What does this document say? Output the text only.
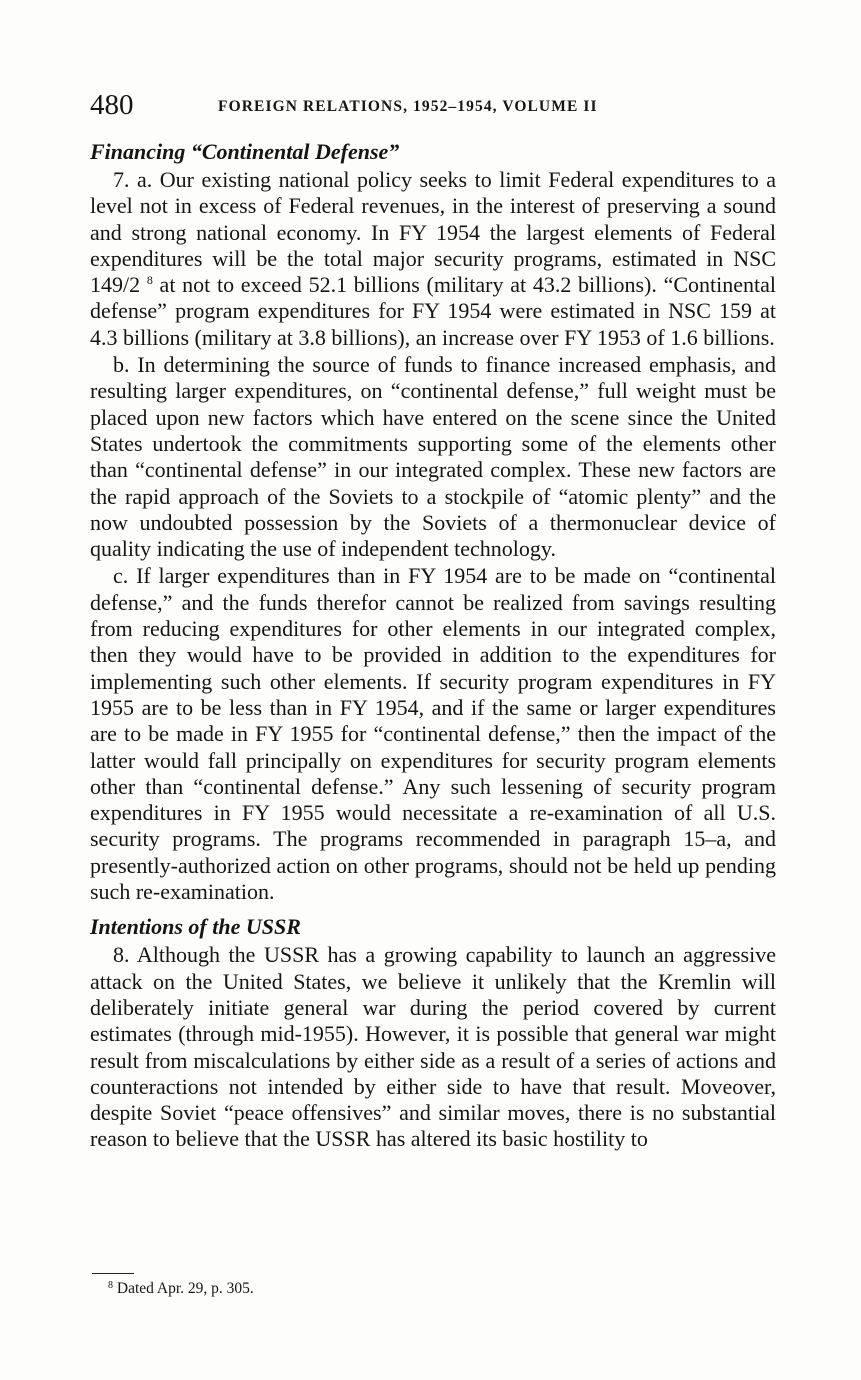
480	FOREIGN RELATIONS, 1952–1954, VOLUME II
Financing “Continental Defense”

7. a. Our existing national policy seeks to limit Federal expenditures to a level not in excess of Federal revenues, in the interest of preserving a sound and strong national economy. In FY 1954 the largest elements of Federal expenditures will be the total major security programs, estimated in NSC 149/2 $^8$ at not to exceed 52.1 billions (military at 43.2 billions). “Continental defense” program expenditures for FY 1954 were estimated in NSC 159 at 4.3 billions (military at 3.8 billions), an increase over FY 1953 of 1.6 billions.

b. In determining the source of funds to finance increased emphasis, and resulting larger expenditures, on “continental defense,” full weight must be placed upon new factors which have entered on the scene since the United States undertook the commitments supporting some of the elements other than “continental defense” in our integrated complex. These new factors are the rapid approach of the Soviets to a stockpile of “atomic plenty” and the now undoubted possession by the Soviets of a thermonuclear device of quality indicating the use of independent technology.

c. If larger expenditures than in FY 1954 are to be made on “continental defense,” and the funds therefor cannot be realized from savings resulting from reducing expenditures for other elements in our integrated complex, then they would have to be provided in addition to the expenditures for implementing such other elements. If security program expenditures in FY 1955 are to be less than in FY 1954, and if the same or larger expenditures are to be made in FY 1955 for “continental defense,” then the impact of the latter would fall principally on expenditures for security program elements other than “continental defense.” Any such lessening of security program expenditures in FY 1955 would necessitate a re-examination of all U.S. security programs. The programs recommended in paragraph 15–a, and presently-authorized action on other programs, should not be held up pending such re-examination.

Intentions of the USSR

8. Although the USSR has a growing capability to launch an aggressive attack on the United States, we believe it unlikely that the Kremlin will deliberately initiate general war during the period covered by current estimates (through mid-1955). However, it is possible that general war might result from miscalculations by either side as a result of a series of actions and counteractions not intended by either side to have that result. Moveover, despite Soviet “peace offensives” and similar moves, there is no substantial reason to believe that the USSR has altered its basic hostility to

$^8$ Dated Apr. 29, p. 305.
